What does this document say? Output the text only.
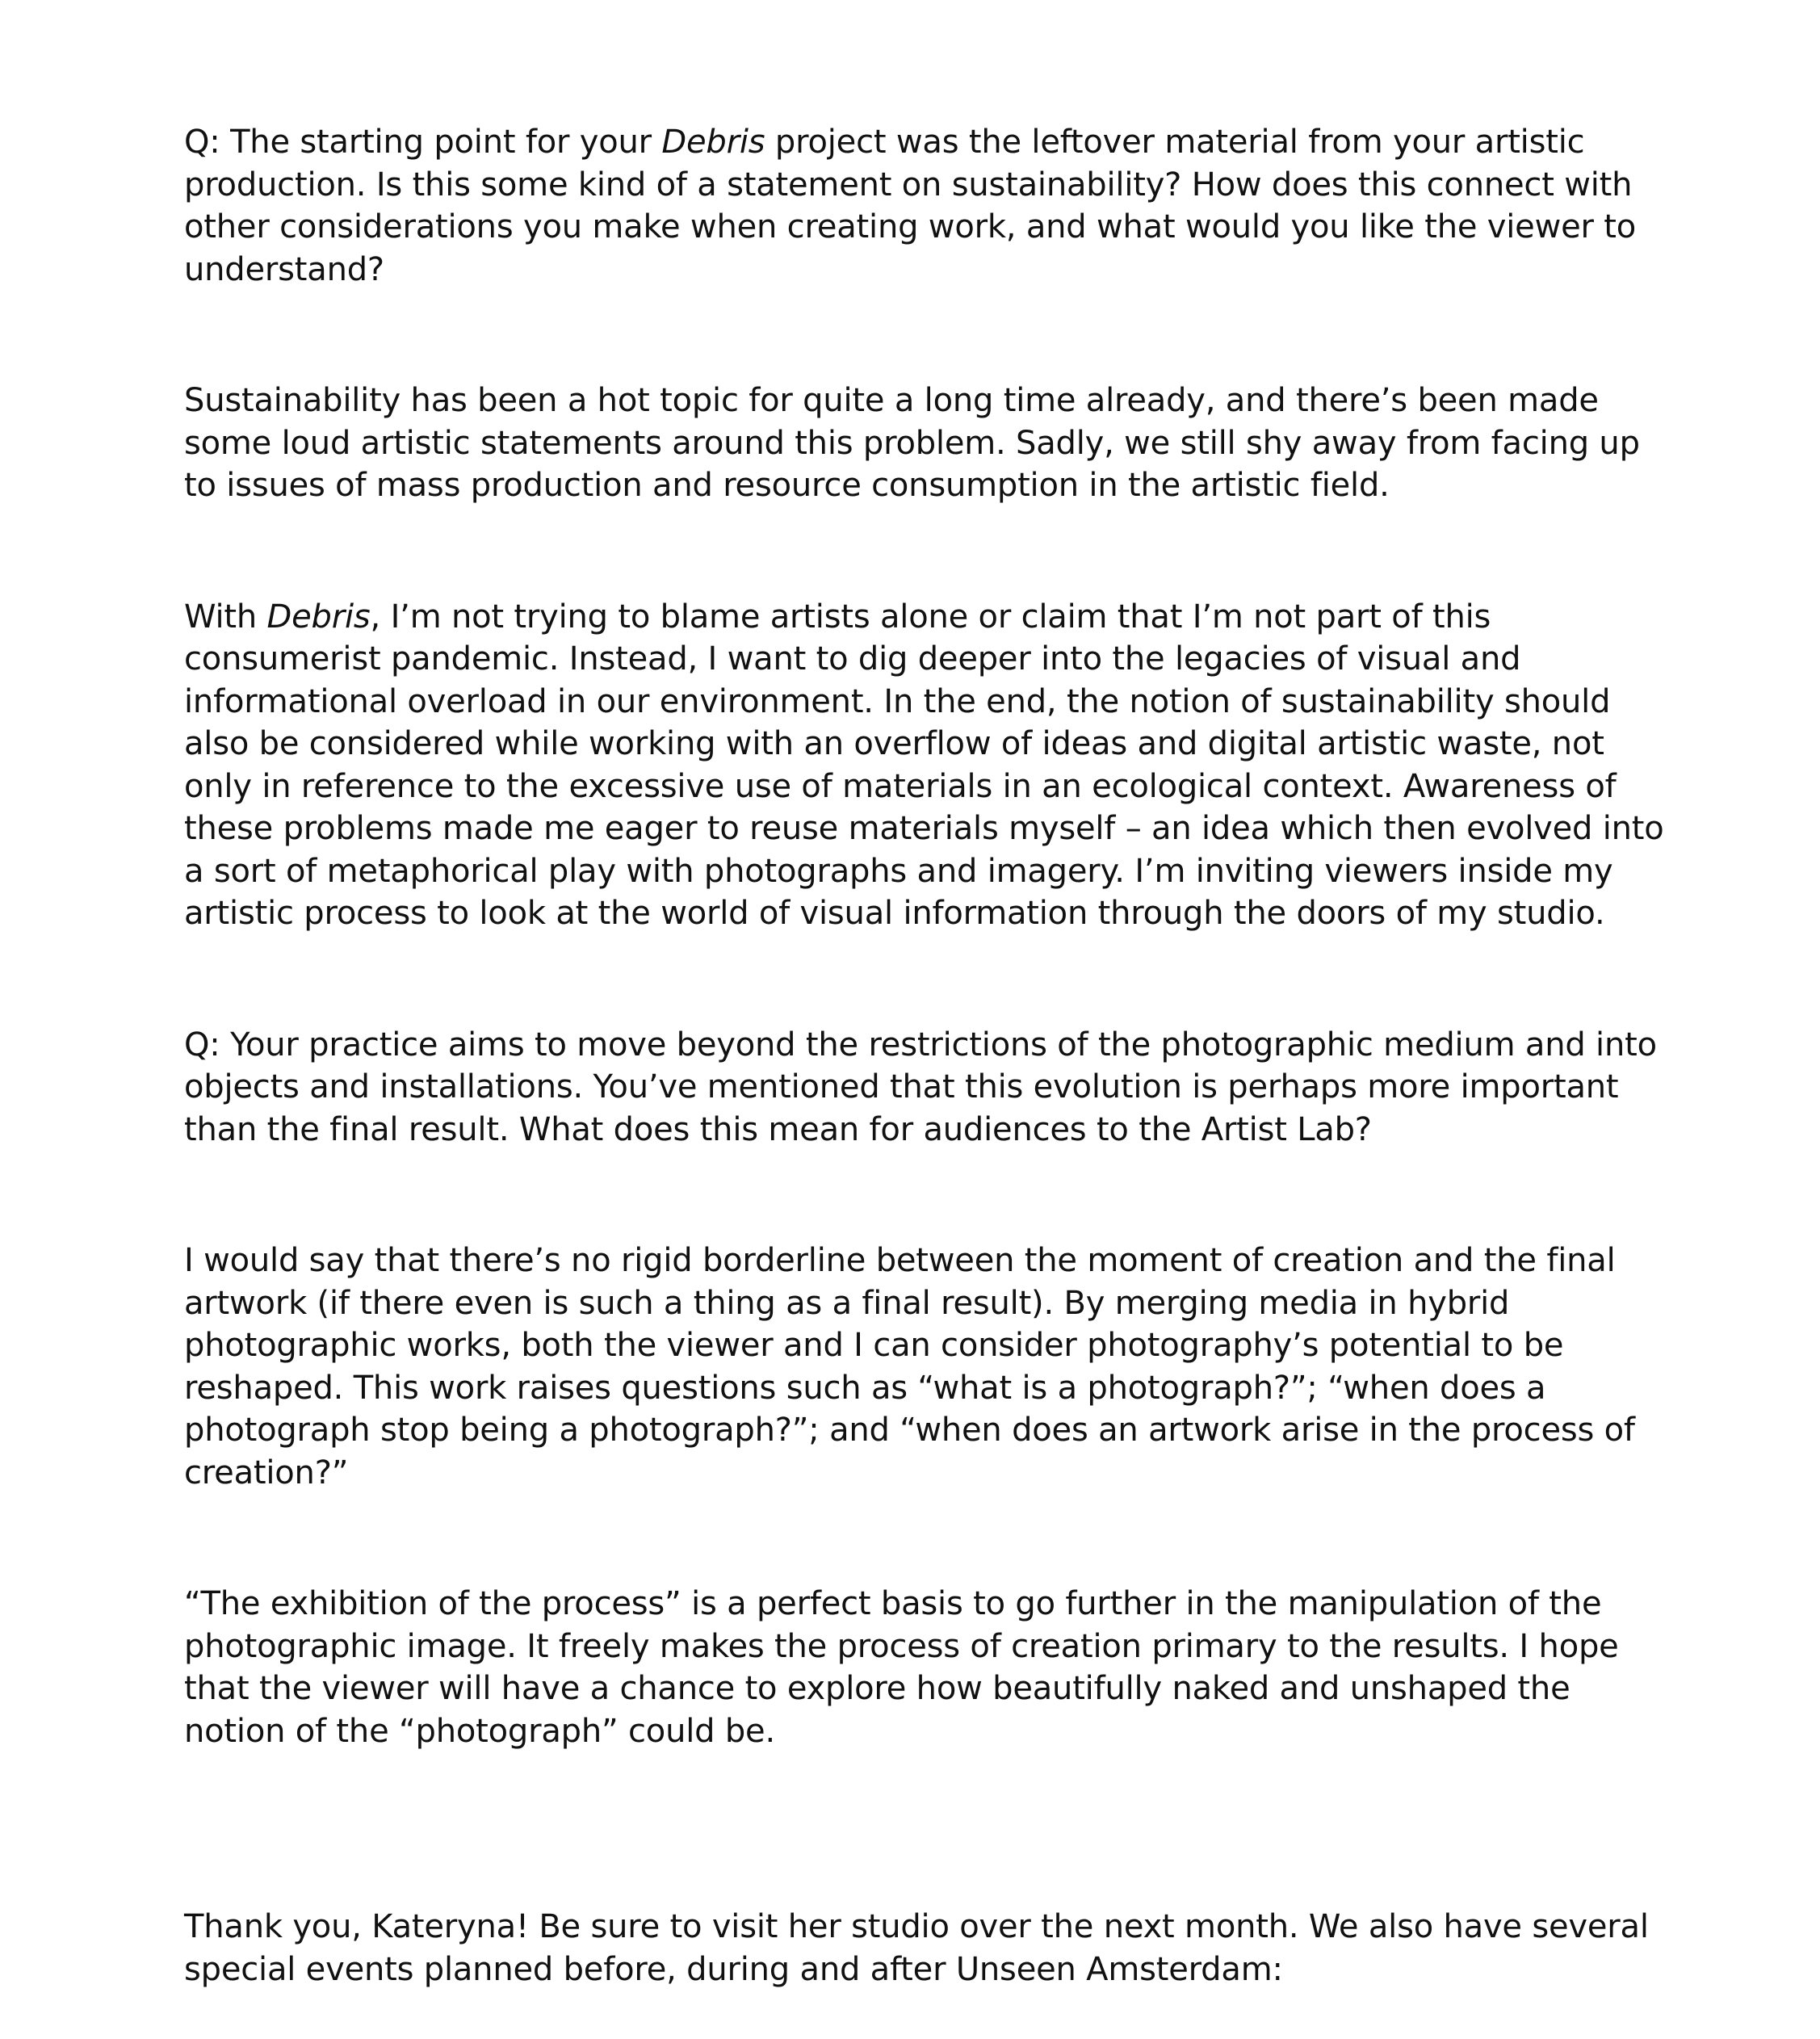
Q: The starting point for your Debris project was the leftover material from your artistic production. Is this some kind of a statement on sustainability? How does this connect with other considerations you make when creating work, and what would you like the viewer to understand?

Sustainability has been a hot topic for quite a long time already, and there’s been made some loud artistic statements around this problem. Sadly, we still shy away from facing up to issues of mass production and resource consumption in the artistic field.

With Debris, I’m not trying to blame artists alone or claim that I’m not part of this consumerist pandemic. Instead, I want to dig deeper into the legacies of visual and informational overload in our environment. In the end, the notion of sustainability should also be considered while working with an overflow of ideas and digital artistic waste, not only in reference to the excessive use of materials in an ecological context. Awareness of these problems made me eager to reuse materials myself – an idea which then evolved into a sort of metaphorical play with photographs and imagery. I’m inviting viewers inside my artistic process to look at the world of visual information through the doors of my studio.

Q: Your practice aims to move beyond the restrictions of the photographic medium and into objects and installations. You’ve mentioned that this evolution is perhaps more important than the final result. What does this mean for audiences to the Artist Lab?

I would say that there’s no rigid borderline between the moment of creation and the final artwork (if there even is such a thing as a final result). By merging media in hybrid photographic works, both the viewer and I can consider photography’s potential to be reshaped. This work raises questions such as “what is a photograph?”; “when does a photograph stop being a photograph?”; and “when does an artwork arise in the process of creation?”

“The exhibition of the process” is a perfect basis to go further in the manipulation of the photographic image. It freely makes the process of creation primary to the results. I hope that the viewer will have a chance to explore how beautifully naked and unshaped the notion of the “photograph” could be.

Thank you, Kateryna! Be sure to visit her studio over the next month. We also have several special events planned before, during and after Unseen Amsterdam:
